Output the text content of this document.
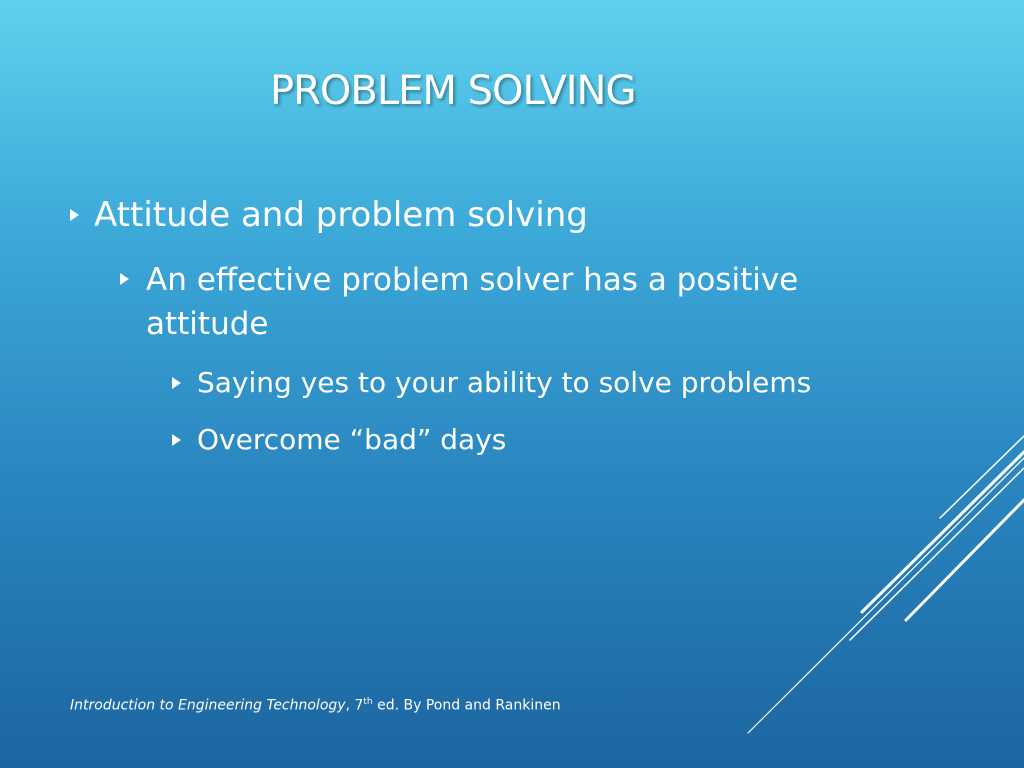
PROBLEM SOLVING
Attitude and problem solving
An effective problem solver has a positive attitude
Saying yes to your ability to solve problems
Overcome “bad” days
Introduction to Engineering Technology, 7th ed. By Pond and Rankinen
